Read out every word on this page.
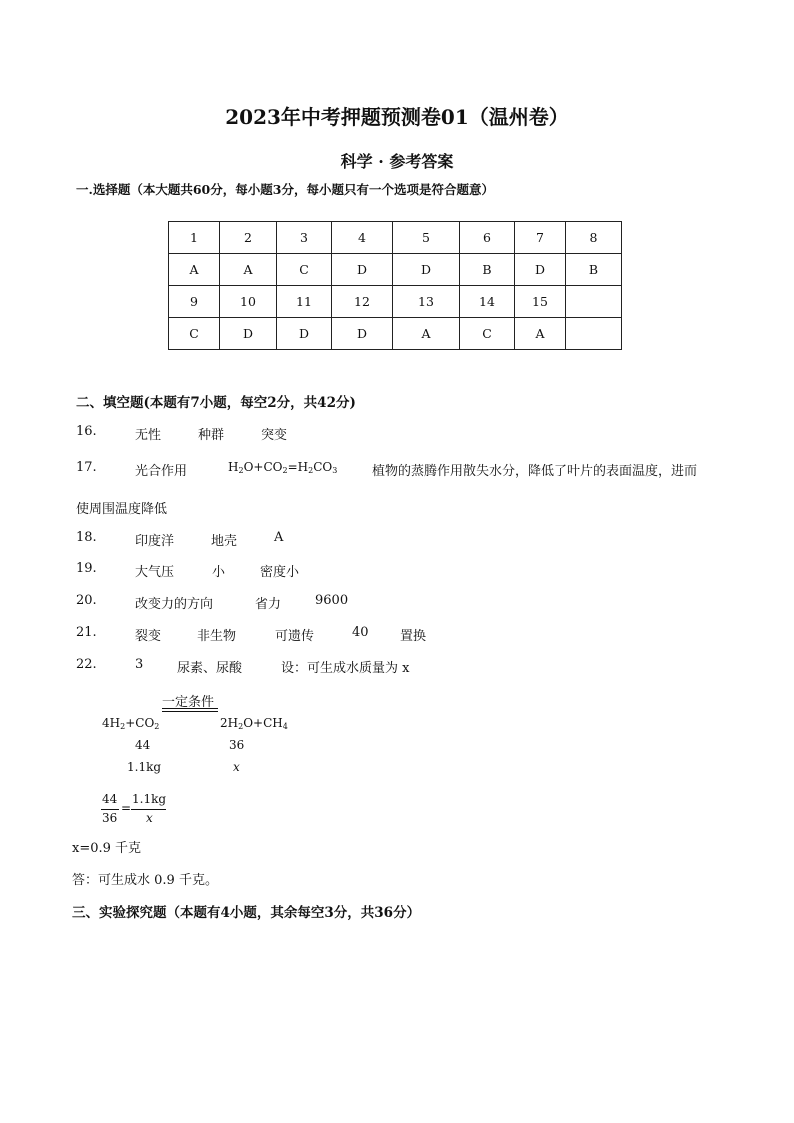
2023年中考押题预测卷01（温州卷）
科学 · 参考答案
一.选择题（本大题共60分，每小题3分，每小题只有一个选项是符合题意）
1	2	3	4	5	6	7	8
A	A	C	D	D	B	D	B
9	10	11	12	13	14	15	
C	D	D	D	A	C	A	
二、填空题(本题有7小题，每空2分，共42分)
16.	无性	种群	突变
17.	光合作用	$H_2O+CO_2=H_2CO_3$	植物的蒸腾作用散失水分，降低了叶片的表面温度，进而
使周围温度降低
18.	印度洋	地壳	A
19.	大气压	小	密度小
20.	改变力的方向	省力	9600
21.	裂变	非生物	可遗传	40 置换
22.	3	尿素、尿酸	设：可生成水质量为 x
一定条件
$4H_2+CO_2$	$2H_2O+CH_4$
44	36
1.1kg	x
44
36
=
1.1kg
x
x=0.9 千克
答：可生成水 0.9 千克。
三、实验探究题（本题有4小题，其余每空3分，共36分）
